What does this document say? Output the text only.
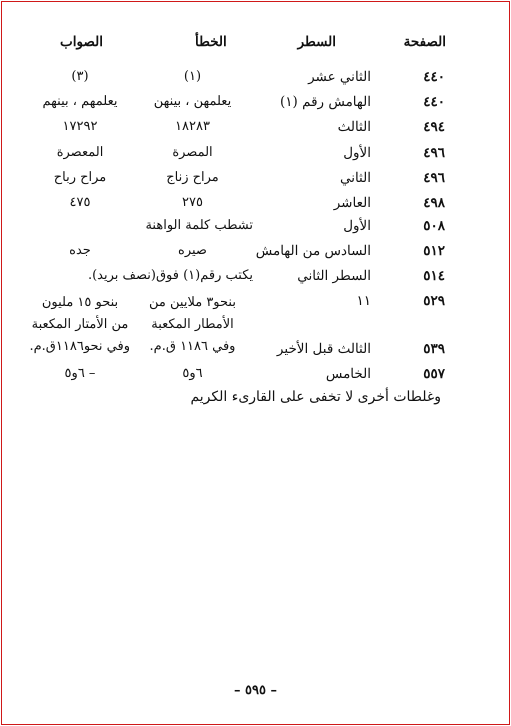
الصفحة
السطر
الخطأ
الصواب
٤٤٠
الثاني عشر
(١)
(٣)
٤٤٠
الهامش رقم (١)
يعلمهن ، بينهن
يعلمهم ، بينهم
٤٩٤
الثالث
١٨٢٨٣
١٧٢٩٢
٤٩٦
الأول
المصرة
المعصرة
٤٩٦
الثاني
مراح زناج
مراح رباح
٤٩٨
العاشر
٢٧٥
٤٧٥
٥٠٨
الأول
تشطب كلمة الواهنة
٥١٢
السادس من الهامش
صيره
جده
٥١٤
السطر الثاني
يكتب رقم(١) فوق(نصف بريد).
٥٢٩
١١
بنحو٣ ملايين من
الأمطار المكعبة
وفي ١١٨٦ ق.م.
بنحو ١٥ مليون
من الأمتار المكعبة
وفي نحو١١٨٦ق.م.	٥٣٩
الثالث قبل الأخير
٥٥٧
الخامس
٦و٥
– ٦و٥
وغلطات أخرى لا تخفى على القارىء الكريم
– ٥٩٥ –
